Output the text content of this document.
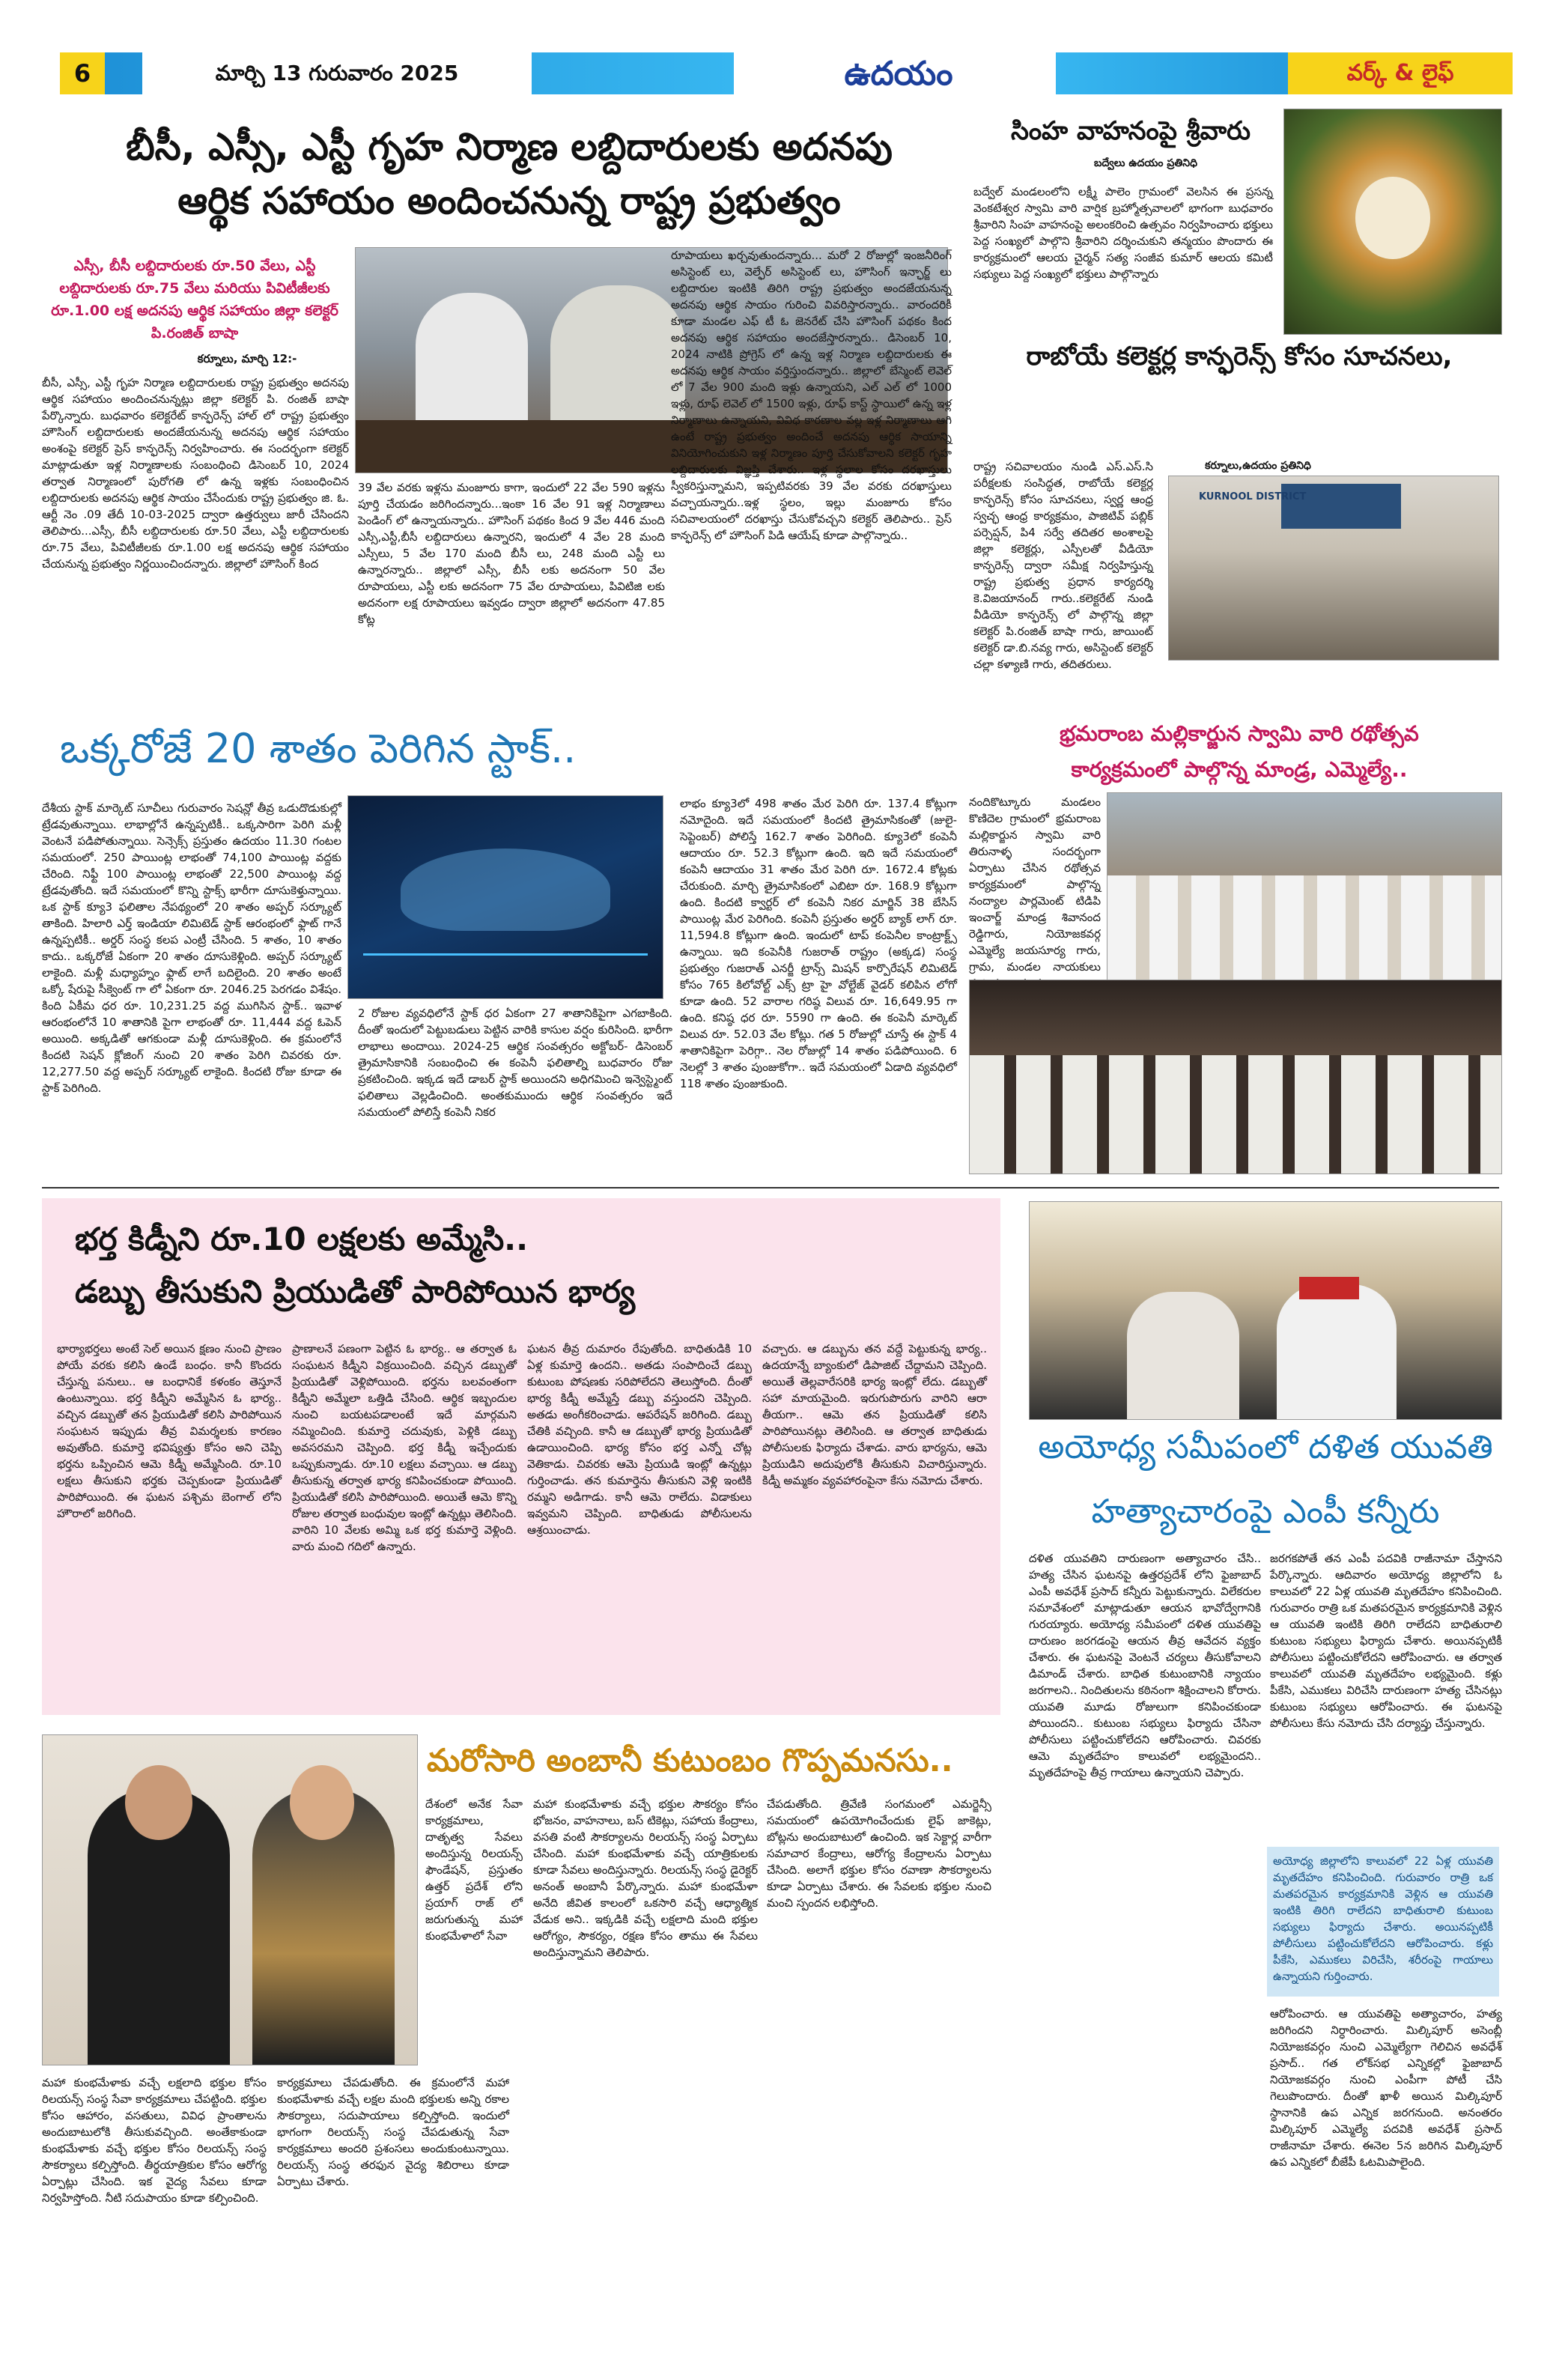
6	మార్చి 13 గురువారం 2025	ఉదయం	వర్క్ & లైఫ్
బీసీ, ఎస్సీ, ఎస్టీ గృహ నిర్మాణ లబ్దిదారులకు అదనపు
ఆర్థిక సహాయం అందించనున్న రాష్ట్ర ప్రభుత్వం
ఎస్సీ, బీసీ లబ్దిదారులకు రూ.50 వేలు, ఎస్టీ లబ్దిదారులకు రూ.75 వేలు మరియు పివిటీజీలకు రూ.1.00 లక్ష అదనపు ఆర్థిక సహాయం జిల్లా కలెక్టర్ పి.రంజిత్ బాషా
కర్నూలు, మార్చి 12:-
బీసీ, ఎస్సీ, ఎస్టీ గృహ నిర్మాణ లబ్దిదారులకు రాష్ట్ర ప్రభుత్వం అదనపు ఆర్థిక సహాయం అందించనున్నట్లు జిల్లా కలెక్టర్ పి. రంజిత్ బాషా పేర్కొన్నారు. బుధవారం కలెక్టరేట్ కాన్ఫరెన్స్ హాల్ లో రాష్ట్ర ప్రభుత్వం హౌసింగ్ లబ్దిదారులకు అందజేయనున్న అదనపు ఆర్థిక సహాయం అంశంపై కలెక్టర్ ప్రెస్ కాన్ఫరెన్స్ నిర్వహించారు. ఈ సందర్భంగా కలెక్టర్ మాట్లాడుతూ ఇళ్ల నిర్మాణాలకు సంబంధించి డిసెంబర్ 10, 2024 తర్వాత నిర్మాణంలో పురోగతి లో ఉన్న ఇళ్లకు సంబంధించిన లబ్దిదారులకు అదనపు ఆర్థిక సాయం చేసేందుకు రాష్ట్ర ప్రభుత్వం జి. ఓ. ఆర్టీ నెం .09 తేదీ 10-03-2025 ద్వారా ఉత్తర్వులు జారీ చేసిందని తెలిపారు...ఎస్సీ, బీసీ లబ్దిదారులకు రూ.50 వేలు, ఎస్టీ లబ్దిదారులకు రూ.75 వేలు, పివిటీజీలకు రూ.1.00 లక్ష అదనపు ఆర్థిక సహాయం చేయనున్న ప్రభుత్వం నిర్ణయించిందన్నారు. జిల్లాలో హౌసింగ్ కింద
39 వేల వరకు ఇళ్లను మంజూరు కాగా, ఇందులో 22 వేల 590 ఇళ్లను పూర్తి చేయడం జరిగిందన్నారు...ఇంకా 16 వేల 91 ఇళ్ల నిర్మాణాలు పెండింగ్ లో ఉన్నాయన్నారు.. హౌసింగ్ పథకం కింద 9 వేల 446 మంది ఎస్సీ,ఎస్టీ,బీసీ లబ్దిదారులు ఉన్నారని, ఇందులో 4 వేల 28 మంది ఎస్సీలు, 5 వేల 170 మంది బీసీ లు, 248 మంది ఎస్టీ లు ఉన్నారన్నారు.. జిల్లాలో ఎస్సీ, బీసీ లకు అదనంగా 50 వేల రూపాయలు, ఎస్టీ లకు అదనంగా 75 వేల రూపాయలు, పివిటిజి లకు అదనంగా లక్ష రూపాయలు ఇవ్వడం ద్వారా జిల్లాలో అదనంగా 47.85 కోట్ల
రూపాయలు ఖర్చవుతుందన్నారు... మరో 2 రోజుల్లో ఇంజనీరింగ్ అసిస్టెంట్ లు, వెల్ఫేర్ అసిస్టెంట్ లు, హౌసింగ్ ఇన్ఛార్జ్ లు లబ్దిదారుల ఇంటికి తిరిగి రాష్ట్ర ప్రభుత్వం అందజేయనున్న అదనపు ఆర్థిక సాయం గురించి వివరిస్తారన్నారు.. వారందరికీ కూడా మండల ఎఫ్ టీ ఓ జెనరేట్ చేసి హౌసింగ్ పథకం కింద అదనపు ఆర్థిక సహాయం అందజేస్తారన్నారు.. డిసెంబర్ 10, 2024 నాటికి ప్రోగ్రెస్ లో ఉన్న ఇళ్ల నిర్మాణ లబ్దిదారులకు ఈ అదనపు ఆర్థిక సాయం వర్తిస్తుందన్నారు.. జిల్లాలో బేస్మెంట్ లెవెల్ లో 7 వేల 900 మంది ఇళ్లు ఉన్నాయని, ఎల్ ఎల్ లో 1000 ఇళ్లు, రూఫ్ లెవెల్ లో 1500 ఇళ్లు, రూఫ్ కాస్ట్ స్థాయిలో ఉన్న ఇళ్ల నిర్మాణాలు ఉన్నాయని, వివిధ కారణాల వల్ల ఇళ్ల నిర్మాణాలు ఆగి ఉంటే రాష్ట్ర ప్రభుత్వం అందించే అదనపు ఆర్థిక సాయాన్ని వినియోగించుకుని ఇళ్ల నిర్మాణం పూర్తి చేసుకోవాలని కలెక్టర్ గృహ లబ్దిదారులకు విజ్ఞప్తి చేశారు.. ఇళ్ల స్థలాల కోసం దరఖాస్తులు స్వీకరిస్తున్నామని, ఇప్పటివరకు 39 వేల వరకు దరఖాస్తులు వచ్చాయన్నారు..ఇళ్ల స్థలం, ఇల్లు మంజూరు కోసం సచివాలయంలో దరఖాస్తు చేసుకోవచ్చని కలెక్టర్ తెలిపారు.. ప్రెస్ కాన్ఫరెన్స్ లో హౌసింగ్ పిడి ఆయేష్ కూడా పాల్గొన్నారు..
సింహ వాహనంపై శ్రీవారు
బద్వేలు ఉదయం ప్రతినిధి
బద్వేల్ మండలంలోని లక్ష్మీ పాలెం గ్రామంలో వెలసిన ఈ ప్రసన్న వెంకటేశ్వర స్వామి వారి వార్షిక బ్రహ్మోత్సవాలలో భాగంగా బుధవారం శ్రీవారిని సింహ వాహనంపై అలంకరించి ఉత్సవం నిర్వహించారు భక్తులు పెద్ద సంఖ్యలో పాల్గొని శ్రీవారిని దర్శించుకుని తన్మయం పొందారు ఈ కార్యక్రమంలో ఆలయ చైర్మన్ సత్య సంజీవ కుమార్ ఆలయ కమిటీ సభ్యులు పెద్ద సంఖ్యలో భక్తులు పాల్గొన్నారు
రాబోయే కలెక్టర్ల కాన్ఫరెన్స్ కోసం సూచనలు,
కర్నూలు,ఉదయం ప్రతినిధి
రాష్ట్ర సచివాలయం నుండి ఎస్.ఎస్.సి పరీక్షలకు సంసిద్ధత, రాబోయే కలెక్టర్ల కాన్ఫరెన్స్ కోసం సూచనలు, స్వర్ణ ఆంధ్ర స్వచ్ఛ ఆంధ్ర కార్యక్రమం, పాజిటివ్ పబ్లిక్ పర్సెప్షన్, పి4 సర్వే తదితర అంశాలపై జిల్లా కలెక్టర్లు, ఎస్పీలతో వీడియో కాన్ఫరెన్స్ ద్వారా సమీక్ష నిర్వహిస్తున్న రాష్ట్ర ప్రభుత్వ ప్రధాన కార్యదర్శి కె.విజయానంద్ గారు..కలెక్టరేట్ నుండి వీడియో కాన్ఫరెన్స్ లో పాల్గొన్న జిల్లా కలెక్టర్ పి.రంజిత్ బాషా గారు, జాయింట్ కలెక్టర్ డా.బి.నవ్య గారు, అసిస్టెంట్ కలెక్టర్ చల్లా కళ్యాణి గారు, తదితరులు.
KURNOOL DISTRICT
ఒక్కరోజే 20 శాతం పెరిగిన స్టాక్..
దేశీయ స్టాక్ మార్కెట్ సూచీలు గురువారం సెషన్లో తీవ్ర ఒడుదొడుకుల్లో ట్రేడవుతున్నాయి. లాభాల్లోనే ఉన్నప్పటికీ.. ఒక్కసారిగా పెరిగి మళ్లీ వెంటనే పడిపోతున్నాయి. సెన్సెక్స్ ప్రస్తుతం ఉదయం 11.30 గంటల సమయంలో. 250 పాయింట్ల లాభంతో 74,100 పాయింట్ల వద్దకు చేరింది. నిఫ్టీ 100 పాయింట్ల లాభంతో 22,500 పాయింట్ల వద్ద ట్రేడవుతోంది. ఇదే సమయంలో కొన్ని స్టాక్స్ భారీగా దూసుకెళ్తున్నాయి. ఒక స్టాక్ క్యూ3 ఫలితాల నేపథ్యంలో 20 శాతం అప్పర్ సర్క్యూట్ తాకింది. హిలారి ఎర్త్ ఇండియా లిమిటెడ్ స్టాక్ ఆరంభంలో ఫ్లాట్ గానే ఉన్నప్పటికీ.. అర్డర్ సంస్థ కలప ఎంట్రీ చేసింది. 5 శాతం, 10 శాతం కాదు.. ఒక్కరోజే ఏకంగా 20 శాతం దూసుకెళ్లింది. అప్పర్ సర్క్యూట్ లాకైంది. మళ్లీ మధ్యాహ్నం ఫ్లాట్ లాగే బదిలైంది. 20 శాతం అంటే ఒక్కో షేరుపై సీక్వెంట్ గా లో ఏకంగా రూ. 2046.25 పెరగడం విశేషం. కింది ఏకీమ ధర రూ. 10,231.25 వద్ద ముగిసిన స్టాక్.. ఇవాళ ఆరంభంలోనే 10 శాతానికి పైగా లాభంతో రూ. 11,444 వద్ద ఓపెన్ అయింది. అక్కడితో ఆగకుండా మళ్లీ దూసుకెళ్లింది. ఈ క్రమంలోనే కిందటి సెషన్ క్లోజింగ్ నుంచి 20 శాతం పెరిగి చివరకు రూ. 12,277.50 వద్ద అప్పర్ సర్క్యూట్ లాకైంది. కిందటి రోజు కూడా ఈ స్టాక్ పెరిగింది.
2 రోజుల వ్యవధిలోనే స్టాక్ ధర ఏకంగా 27 శాతానికిపైగా ఎగబాకింది. దీంతో ఇందులో పెట్టుబడులు పెట్టిన వారికి కాసుల వర్షం కురిసింది. భారీగా లాభాలు అందాయి. 2024-25 ఆర్థిక సంవత్సరం అక్టోబర్- డిసెంబర్ త్రైమాసికానికి సంబంధించి ఈ కంపెనీ ఫలితాల్ని బుధవారం రోజు ప్రకటించింది. ఇక్కడ ఇదే డాబర్ స్టాక్ అయిందని అధిగమించి ఇన్వెస్ట్మెంట్ ఫలితాలు వెల్లడించింది. అంతకుముందు ఆర్థిక సంవత్సరం ఇదే సమయంలో పోలిస్తే కంపెనీ నికర
లాభం క్యూ3లో 498 శాతం మేర పెరిగి రూ. 137.4 కోట్లుగా నమోదైంది. ఇదే సమయంలో కిందటి త్రైమాసికంతో (జులై- సెప్టెంబర్) పోలిస్తే 162.7 శాతం పెరిగింది. క్యూ3లో కంపెనీ ఆదాయం రూ. 52.3 కోట్లుగా ఉంది. ఇది ఇదే సమయంలో కంపెనీ ఆదాయం 31 శాతం మేర పెరిగి రూ. 1672.4 కోట్లకు చేరుకుంది. మార్చి త్రైమాసికంలో ఎబిటా రూ. 168.9 కోట్లుగా ఉంది. కిందటి క్వార్టర్ లో కంపెనీ నికర మార్జిన్ 38 బేసిస్ పాయింట్ల మేర పెరిగింది. కంపెనీ ప్రస్తుతం అర్డర్ బ్యాక్ లాగ్ రూ. 11,594.8 కోట్లుగా ఉంది. ఇందులో టాప్ కంపెనీల కాంట్రాక్ట్స్ ఉన్నాయి. ఇది కంపెనీకి గుజరాత్ రాష్ట్రం (అక్కడ) సంస్థ ప్రభుత్వం గుజరాత్ ఎనర్జీ ట్రాన్స్ మిషన్ కార్పొరేషన్ లిమిటెడ్ కోసం 765 కిలోవోల్ట్ ఎక్స్ ట్రా హై వోల్టేజ్ వైడర్ కలిపిన లోగో కూడా ఉంది. 52 వారాల గరిష్ఠ విలువ రూ. 16,649.95 గా ఉంది. కనిష్ఠ ధర రూ. 5590 గా ఉంది. ఈ కంపెనీ మార్కెట్ విలువ రూ. 52.03 వేల కోట్లు. గత 5 రోజుల్లో చూస్తే ఈ స్టాక్ 4 శాతానికిపైగా పెరిగ్గా.. నెల రోజుల్లో 14 శాతం పడిపోయింది. 6 నెలల్లో 3 శాతం పుంజుకోగా.. ఇదే సమయంలో ఏడాది వ్యవధిలో 118 శాతం పుంజుకుంది.
భ్రమరాంబ మల్లికార్జున స్వామి వారి రథోత్సవ
కార్యక్రమంలో పాల్గొన్న మాండ్ర, ఎమ్మెల్యే..
నందికొట్కూరు మండలం కొణిదెల గ్రామంలో భ్రమరాంబ మల్లికార్జున స్వామి వారి తిరునాళ్ళ సందర్భంగా ఏర్పాటు చేసిన రథోత్సవ కార్యక్రమంలో పాల్గొన్న నంద్యాల పార్లమెంట్ టిడిపి ఇంచార్జ్ మాండ్ర శివానంద రెడ్డిగారు, నియోజకవర్గ ఎమ్మెల్యే జయసూర్య గారు, గ్రామ, మండల నాయకులు
భర్త కిడ్నీని రూ.10 లక్షలకు అమ్మేసి..
డబ్బు తీసుకుని ప్రియుడితో పారిపోయిన భార్య
భార్యాభర్తలు అంటే సెల్ అయిన క్షణం నుంచి ప్రాణం పోయే వరకు కలిసి ఉండే బంధం. కానీ కొందరు చేస్తున్న పనులు.. ఆ బంధానికే కళంకం తెస్తూనే ఉంటున్నాయి. భర్త కిడ్నీని అమ్మేసిన ఓ భార్య.. వచ్చిన డబ్బుతో తన ప్రియుడితో కలిసి పారిపోయిన సంఘటన ఇప్పుడు తీవ్ర విమర్శలకు కారణం అవుతోంది. కుమార్తె భవిష్యత్తు కోసం అని చెప్పి భర్తను ఒప్పించిన ఆమె కిడ్నీ అమ్మేసింది. రూ.10 లక్షలు తీసుకుని భర్తకు చెప్పకుండా ప్రియుడితో పారిపోయింది. ఈ ఘటన పశ్చిమ బెంగాల్ లోని హౌరాలో జరిగింది.
ప్రాణాలనే పణంగా పెట్టిన ఓ భార్య.. ఆ తర్వాత ఓ సంఘటన కిడ్నీని విక్రయించింది. వచ్చిన డబ్బుతో ప్రియుడితో వెళ్లిపోయింది. భర్తను బలవంతంగా కిడ్నీని అమ్మేలా ఒత్తిడి చేసింది. ఆర్థిక ఇబ్బందుల నుంచి బయటపడాలంటే ఇదే మార్గమని నమ్మించింది. కుమార్తె చదువుకు, పెళ్లికి డబ్బు అవసరమని చెప్పింది. భర్త కిడ్నీ ఇచ్చేందుకు ఒప్పుకున్నాడు. రూ.10 లక్షలు వచ్చాయి. ఆ డబ్బు తీసుకున్న తర్వాత భార్య కనిపించకుండా పోయింది. ప్రియుడితో కలిసి పారిపోయింది. అయితే ఆమె కొన్ని రోజుల తర్వాత బంధువుల ఇంట్లో ఉన్నట్లు తెలిసింది. వారిని 10 వేలకు అమ్మి ఒక భర్త కుమార్తె వెళ్లింది. వారు మంచి గదిలో ఉన్నారు.
ఘటన తీవ్ర దుమారం రేపుతోంది. బాధితుడికి 10 ఏళ్ల కుమార్తె ఉందని.. అతడు సంపాదించే డబ్బు కుటుంబ పోషణకు సరిపోలేదని తెలుస్తోంది. దీంతో భార్య కిడ్నీ అమ్మేస్తే డబ్బు వస్తుందని చెప్పింది. అతడు అంగీకరించాడు. ఆపరేషన్ జరిగింది. డబ్బు చేతికి వచ్చింది. కానీ ఆ డబ్బుతో భార్య ప్రియుడితో ఉడాయించింది. భార్య కోసం భర్త ఎన్నో చోట్ల వెతికాడు. చివరకు ఆమె ప్రియుడి ఇంట్లో ఉన్నట్లు గుర్తించాడు. తన కుమార్తెను తీసుకుని వెళ్లి ఇంటికి రమ్మని అడిగాడు. కానీ ఆమె రాలేదు. విడాకులు ఇవ్వమని చెప్పింది. బాధితుడు పోలీసులను ఆశ్రయించాడు.
వచ్చారు. ఆ డబ్బును తన వద్దే పెట్టుకున్న భార్య.. ఉదయాన్నే బ్యాంకులో డిపాజిట్ చేద్దామని చెప్పింది. అయితే తెల్లవారేసరికి భార్య ఇంట్లో లేదు. డబ్బుతో సహా మాయమైంది. ఇరుగుపొరుగు వారిని ఆరా తీయగా.. ఆమె తన ప్రియుడితో కలిసి పారిపోయినట్లు తెలిసింది. ఆ తర్వాత బాధితుడు పోలీసులకు ఫిర్యాదు చేశాడు. వారు భార్యను, ఆమె ప్రియుడిని అదుపులోకి తీసుకుని విచారిస్తున్నారు. కిడ్నీ అమ్మకం వ్యవహారంపైనా కేసు నమోదు చేశారు.
అయోధ్య సమీపంలో దళిత యువతి
హత్యాచారంపై ఎంపీ కన్నీరు
దళిత యువతిని దారుణంగా అత్యాచారం చేసి.. హత్య చేసిన ఘటనపై ఉత్తరప్రదేశ్ లోని ఫైజాబాద్ ఎంపీ అవధేశ్ ప్రసాద్ కన్నీరు పెట్టుకున్నారు. విలేకరుల సమావేశంలో మాట్లాడుతూ ఆయన భావోద్వేగానికి గురయ్యారు. అయోధ్య సమీపంలో దళిత యువతిపై దారుణం జరగడంపై ఆయన తీవ్ర ఆవేదన వ్యక్తం చేశారు. ఈ ఘటనపై వెంటనే చర్యలు తీసుకోవాలని డిమాండ్ చేశారు. బాధిత కుటుంబానికి న్యాయం జరగాలని.. నిందితులను కఠినంగా శిక్షించాలని కోరారు. యువతి మూడు రోజులుగా కనిపించకుండా పోయిందని.. కుటుంబ సభ్యులు ఫిర్యాదు చేసినా పోలీసులు పట్టించుకోలేదని ఆరోపించారు. చివరకు ఆమె మృతదేహం కాలువలో లభ్యమైందని.. మృతదేహంపై తీవ్ర గాయాలు ఉన్నాయని చెప్పారు.
జరగకపోతే తన ఎంపీ పదవికి రాజీనామా చేస్తానని పేర్కొన్నారు. ఆదివారం అయోధ్య జిల్లాలోని ఓ కాలువలో 22 ఏళ్ల యువతి మృతదేహం కనిపించింది. గురువారం రాత్రి ఒక మతపరమైన కార్యక్రమానికి వెళ్లిన ఆ యువతి ఇంటికి తిరిగి రాలేదని బాధితురాలి కుటుంబ సభ్యులు ఫిర్యాదు చేశారు. అయినప్పటికీ పోలీసులు పట్టించుకోలేదని ఆరోపించారు. ఆ తర్వాత కాలువలో యువతి మృతదేహం లభ్యమైంది. కళ్లు పీకేసి, ఎముకలు విరిచేసి దారుణంగా హత్య చేసినట్లు కుటుంబ సభ్యులు ఆరోపించారు. ఈ ఘటనపై పోలీసులు కేసు నమోదు చేసి దర్యాప్తు చేస్తున్నారు.
అయోధ్య జిల్లాలోని కాలువలో 22 ఏళ్ల యువతి మృతదేహం కనిపించింది. గురువారం రాత్రి ఒక మతపరమైన కార్యక్రమానికి వెళ్లిన ఆ యువతి ఇంటికి తిరిగి రాలేదని బాధితురాలి కుటుంబ సభ్యులు ఫిర్యాదు చేశారు. అయినప్పటికీ పోలీసులు పట్టించుకోలేదని ఆరోపించారు. కళ్లు పీకేసి, ఎముకలు విరిచేసి, శరీరంపై గాయాలు ఉన్నాయని గుర్తించారు.
ఆరోపించారు. ఆ యువతిపై అత్యాచారం, హత్య జరిగిందని నిర్ధారించారు. మిల్కిపూర్ అసెంబ్లీ నియోజకవర్గం నుంచి ఎమ్మెల్యేగా గెలిచిన అవధేశ్ ప్రసాద్.. గత లోక్‌సభ ఎన్నికల్లో ఫైజాబాద్ నియోజకవర్గం నుంచి ఎంపీగా పోటీ చేసి గెలుపొందారు. దీంతో ఖాళీ అయిన మిల్కిపూర్ స్థానానికి ఉప ఎన్నిక జరగనుంది. అనంతరం మిల్కిపూర్ ఎమ్మెల్యే పదవికి అవధేశ్ ప్రసాద్ రాజీనామా చేశారు. ఈనెల 5న జరిగిన మిల్కిపూర్ ఉప ఎన్నికలో బీజేపీ ఓటమిపాలైంది.
మరోసారి అంబానీ కుటుంబం గొప్పమనసు..
దేశంలో అనేక సేవా కార్యక్రమాలు, దాతృత్వ సేవలు అందిస్తున్న రిలయన్స్ ఫౌండేషన్, ప్రస్తుతం ఉత్తర్ ప్రదేశ్ లోని ప్రయాగ్ రాజ్ లో జరుగుతున్న మహా కుంభమేళాలో సేవా
మహా కుంభమేళాకు వచ్చే లక్షలాది భక్తుల కోసం రిలయన్స్ సంస్థ సేవా కార్యక్రమాలు చేపట్టింది. భక్తుల కోసం ఆహారం, వసతులు, వివిధ ప్రాంతాలను అందుబాటులోకి తీసుకువచ్చింది. అంతేకాకుండా కుంభమేళాకు వచ్చే భక్తుల కోసం రిలయన్స్ సంస్థ సౌకర్యాలు కల్పిస్తోంది. తీర్థయాత్రికుల కోసం ఆరోగ్య ఏర్పాట్లు చేసింది. ఇక వైద్య సేవలు కూడా నిర్వహిస్తోంది. నీటి సదుపాయం కూడా కల్పించింది.
కార్యక్రమాలు చేపడుతోంది. ఈ క్రమంలోనే మహా కుంభమేళాకు వచ్చే లక్షల మంది భక్తులకు అన్ని రకాల సౌకర్యాలు, సదుపాయాలు కల్పిస్తోంది. ఇందులో భాగంగా రిలయన్స్ సంస్థ చేపడుతున్న సేవా కార్యక్రమాలు అందరి ప్రశంసలు అందుకుంటున్నాయి. రిలయన్స్ సంస్థ తరఫున వైద్య శిబిరాలు కూడా ఏర్పాటు చేశారు.
మహా కుంభమేళాకు వచ్చే భక్తుల సౌకర్యం కోసం భోజనం, వాహనాలు, బస్ టికెట్లు, సహాయ కేంద్రాలు, వసతి వంటి సౌకర్యాలను రిలయన్స్ సంస్థ ఏర్పాటు చేసింది. మహా కుంభమేళాకు వచ్చే యాత్రికులకు కూడా సేవలు అందిస్తున్నారు. రిలయన్స్ సంస్థ డైరెక్టర్ అనంత్ అంబానీ పేర్కొన్నారు. మహా కుంభమేళా అనేది జీవిత కాలంలో ఒకసారి వచ్చే ఆధ్యాత్మిక వేడుక అని.. ఇక్కడికి వచ్చే లక్షలాది మంది భక్తుల ఆరోగ్యం, సౌకర్యం, రక్షణ కోసం తాము ఈ సేవలు అందిస్తున్నామని తెలిపారు.
చేపడుతోంది. త్రివేణి సంగమంలో ఎమర్జెన్సీ సమయంలో ఉపయోగించేందుకు లైఫ్ జాకెట్లు, బోట్లను అందుబాటులో ఉంచింది. ఇక సెక్టార్ల వారీగా సమాచార కేంద్రాలు, ఆరోగ్య కేంద్రాలను ఏర్పాటు చేసింది. అలాగే భక్తుల కోసం రవాణా సౌకర్యాలను కూడా ఏర్పాటు చేశారు. ఈ సేవలకు భక్తుల నుంచి మంచి స్పందన లభిస్తోంది.
